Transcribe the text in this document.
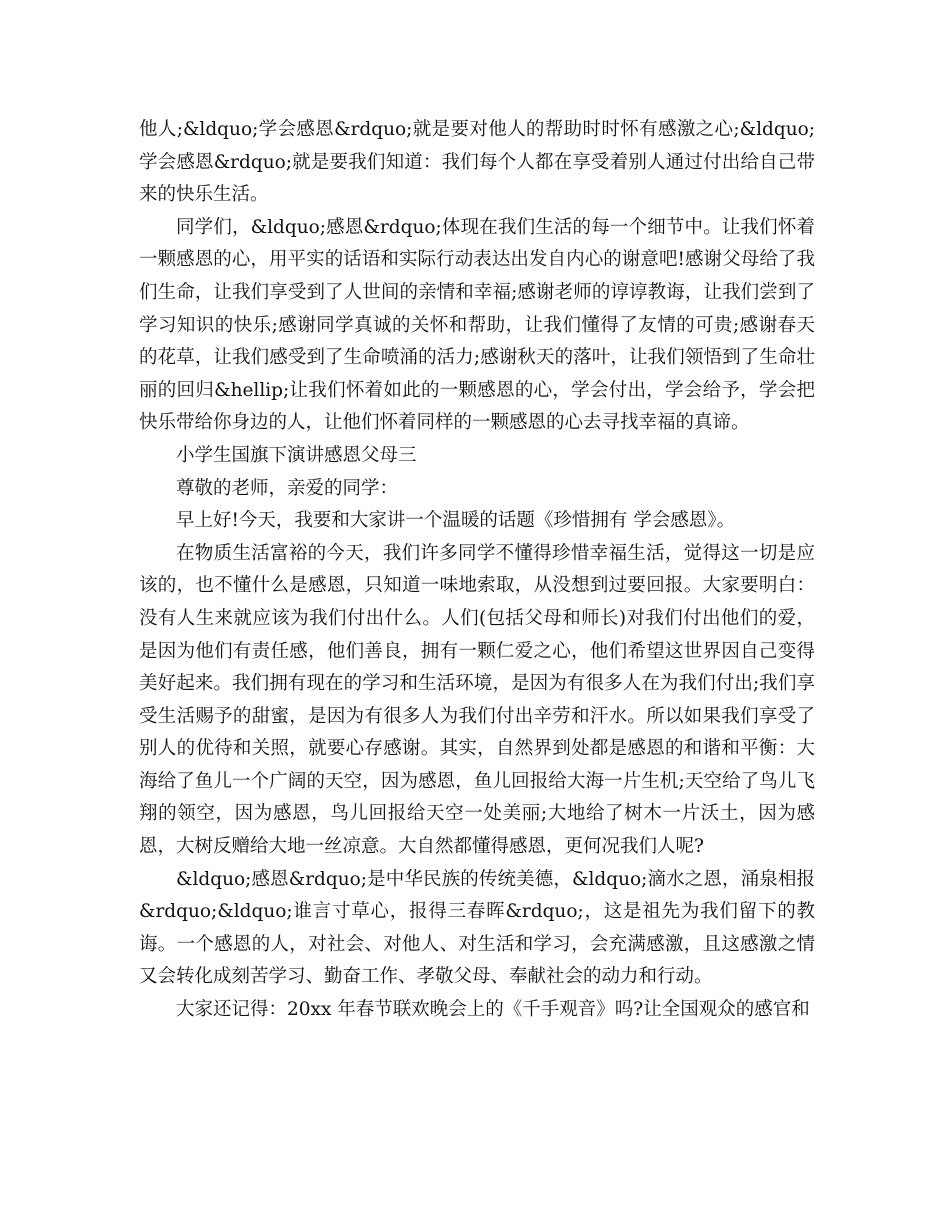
他人;&ldquo;学会感恩&rdquo;就是要对他人的帮助时时怀有感激之心;&ldquo;学会感恩&rdquo;就是要我们知道：我们每个人都在享受着别人通过付出给自己带来的快乐生活。

同学们，&ldquo;感恩&rdquo;体现在我们生活的每一个细节中。让我们怀着一颗感恩的心，用平实的话语和实际行动表达出发自内心的谢意吧!感谢父母给了我们生命，让我们享受到了人世间的亲情和幸福;感谢老师的谆谆教诲，让我们尝到了学习知识的快乐;感谢同学真诚的关怀和帮助，让我们懂得了友情的可贵;感谢春天的花草，让我们感受到了生命喷涌的活力;感谢秋天的落叶，让我们领悟到了生命壮丽的回归&hellip;让我们怀着如此的一颗感恩的心，学会付出，学会给予，学会把快乐带给你身边的人，让他们怀着同样的一颗感恩的心去寻找幸福的真谛。

小学生国旗下演讲感恩父母三

尊敬的老师，亲爱的同学：

早上好!今天，我要和大家讲一个温暖的话题《珍惜拥有 学会感恩》。

在物质生活富裕的今天，我们许多同学不懂得珍惜幸福生活，觉得这一切是应该的，也不懂什么是感恩，只知道一味地索取，从没想到过要回报。大家要明白：没有人生来就应该为我们付出什么。人们(包括父母和师长)对我们付出他们的爱，是因为他们有责任感，他们善良，拥有一颗仁爱之心，他们希望这世界因自己变得美好起来。我们拥有现在的学习和生活环境，是因为有很多人在为我们付出;我们享受生活赐予的甜蜜，是因为有很多人为我们付出辛劳和汗水。所以如果我们享受了别人的优待和关照，就要心存感谢。其实，自然界到处都是感恩的和谐和平衡：大海给了鱼儿一个广阔的天空，因为感恩，鱼儿回报给大海一片生机;天空给了鸟儿飞翔的领空，因为感恩，鸟儿回报给天空一处美丽;大地给了树木一片沃土，因为感恩，大树反赠给大地一丝凉意。大自然都懂得感恩，更何况我们人呢?

&ldquo;感恩&rdquo;是中华民族的传统美德，&ldquo;滴水之恩，涌泉相报&rdquo;&ldquo;谁言寸草心，报得三春晖&rdquo;，这是祖先为我们留下的教诲。一个感恩的人，对社会、对他人、对生活和学习，会充满感激，且这感激之情又会转化成刻苦学习、勤奋工作、孝敬父母、奉献社会的动力和行动。

大家还记得：20xx 年春节联欢晚会上的《千手观音》吗?让全国观众的感官和
